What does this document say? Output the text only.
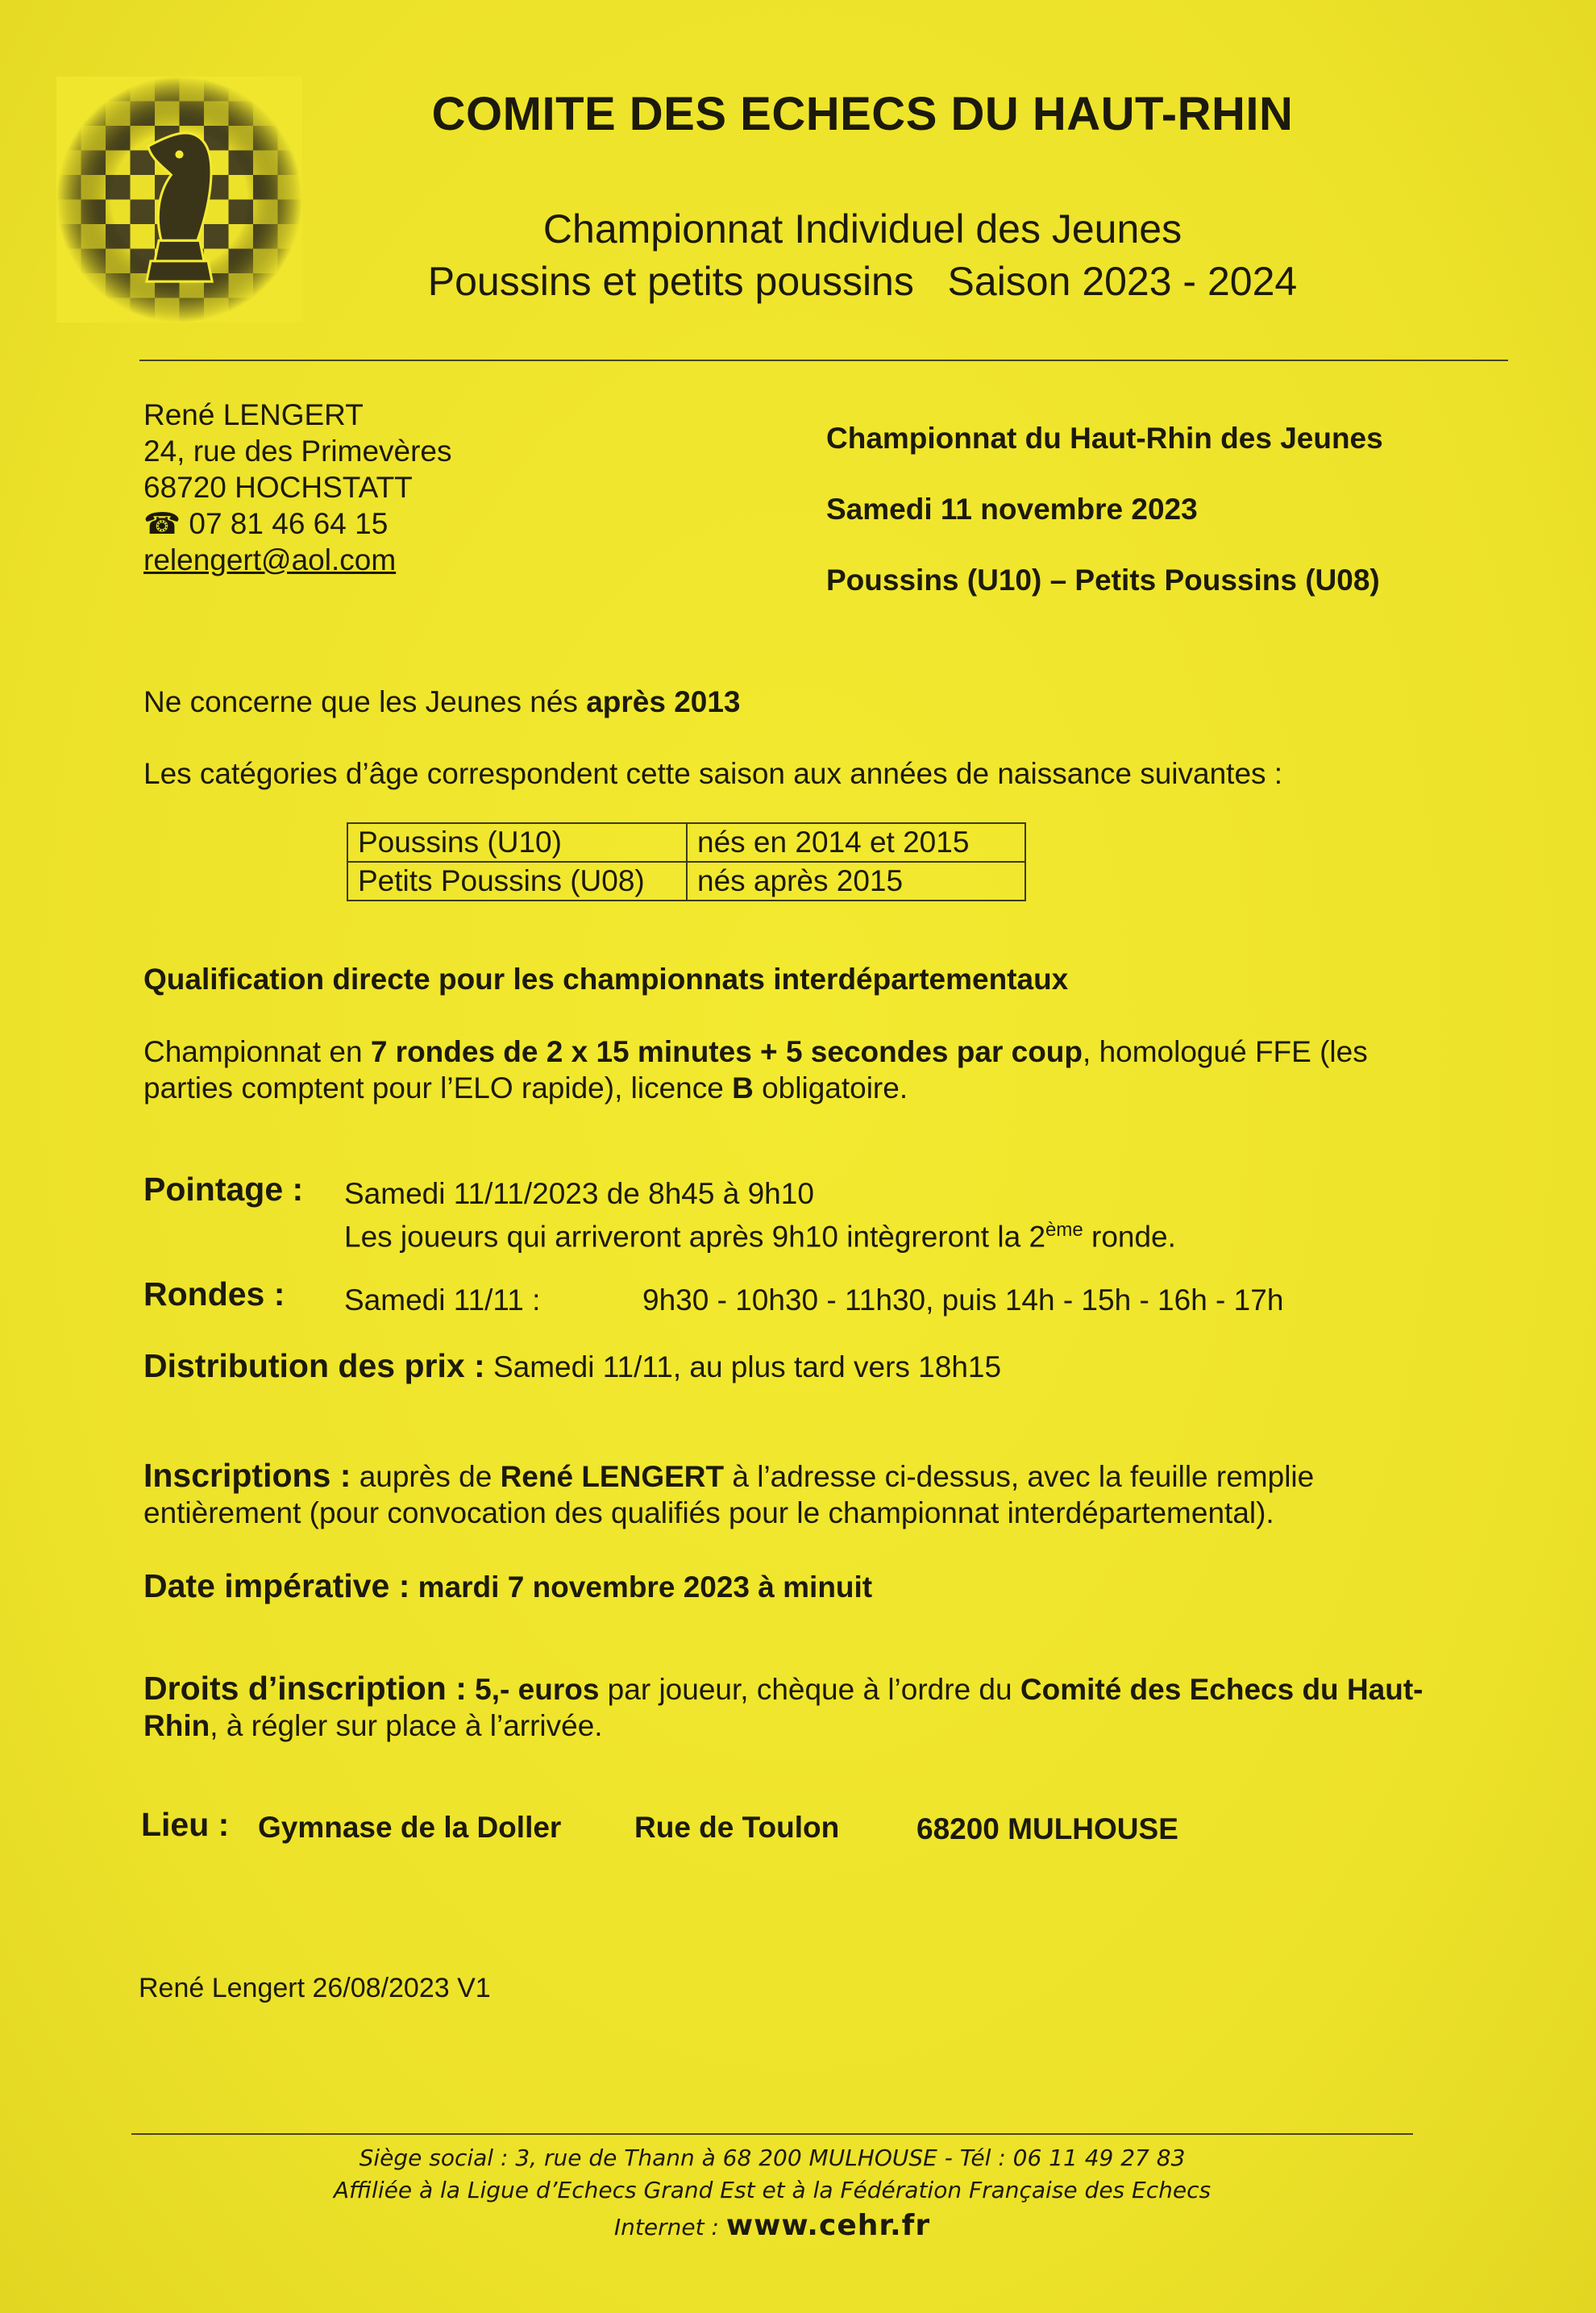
COMITE DES ECHECS DU HAUT-RHIN
Championnat Individuel des Jeunes
Poussins et petits poussins   Saison 2023 - 2024
René LENGERT
24, rue des Primevères
68720 HOCHSTATT
☎ 07 81 46 64 15
relengert@aol.com
Championnat du Haut-Rhin des Jeunes
Samedi 11 novembre 2023
Poussins (U10) – Petits Poussins (U08)
Ne concerne que les Jeunes nés après 2013
Les catégories d’âge correspondent cette saison aux années de naissance suivantes :
Poussins (U10)	nés en 2014 et 2015
Petits Poussins (U08)	nés après 2015
Qualification directe pour les championnats interdépartementaux
Championnat en 7 rondes de 2 x 15 minutes + 5 secondes par coup, homologué FFE (les parties comptent pour l’ELO rapide), licence B obligatoire.
Pointage : Samedi 11/11/2023 de 8h45 à 9h10
Les joueurs qui arriveront après 9h10 intègreront la 2ème ronde.
Rondes : Samedi 11/11 :	9h30 - 10h30 - 11h30, puis 14h - 15h - 16h - 17h
Distribution des prix : Samedi 11/11, au plus tard vers 18h15
Inscriptions : auprès de René LENGERT à l’adresse ci-dessus, avec la feuille remplie entièrement (pour convocation des qualifiés pour le championnat interdépartemental).
Date impérative : mardi 7 novembre 2023 à minuit
Droits d’inscription : 5,- euros par joueur, chèque à l’ordre du Comité des Echecs du Haut-Rhin, à régler sur place à l’arrivée.
Lieu : Gymnase de la Doller Rue de Toulon	68200 MULHOUSE
René Lengert 26/08/2023 V1
Siège social : 3, rue de Thann à 68 200 MULHOUSE - Tél : 06 11 49 27 83
Affiliée à la Ligue d’Echecs Grand Est et à la Fédération Française des Echecs
Internet : www.cehr.fr
